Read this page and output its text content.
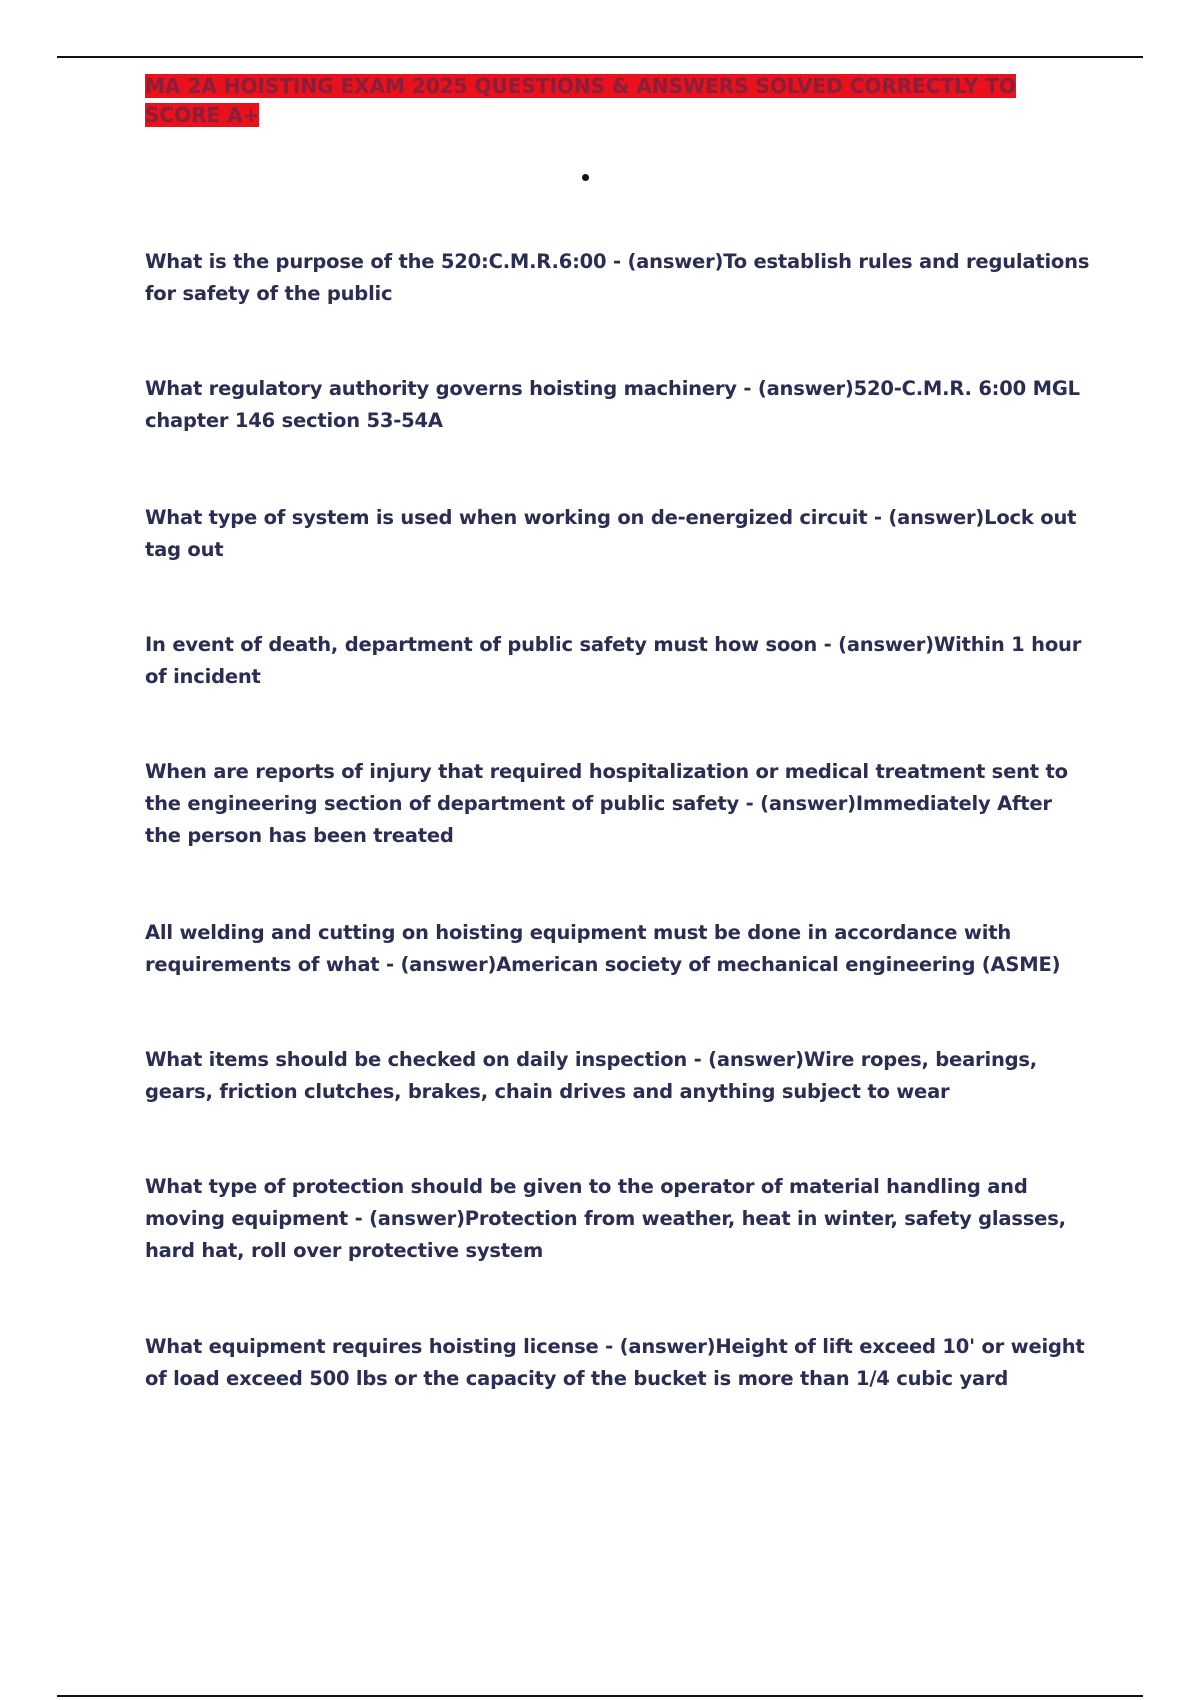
MA 2A HOISTING EXAM 2025 QUESTIONS & ANSWERS SOLVED CORRECTLY TO SCORE A+
What is the purpose of the 520:C.M.R.6:00 - (answer)To establish rules and regulations for safety of the public
What regulatory authority governs hoisting machinery - (answer)520-C.M.R. 6:00 MGL chapter 146 section 53-54A
What type of system is used when working on de-energized circuit - (answer)Lock out tag out
In event of death, department of public safety must how soon - (answer)Within 1 hour of incident
When are reports of injury that required hospitalization or medical treatment sent to the engineering section of department of public safety - (answer)Immediately After the person has been treated
All welding and cutting on hoisting equipment must be done in accordance with requirements of what - (answer)American society of mechanical engineering (ASME)
What items should be checked on daily inspection - (answer)Wire ropes, bearings, gears, friction clutches, brakes, chain drives and anything subject to wear
What type of protection should be given to the operator of material handling and moving equipment - (answer)Protection from weather, heat in winter, safety glasses, hard hat, roll over protective system
What equipment requires hoisting license - (answer)Height of lift exceed 10' or weight of load exceed 500 lbs or the capacity of the bucket is more than 1/4 cubic yard
